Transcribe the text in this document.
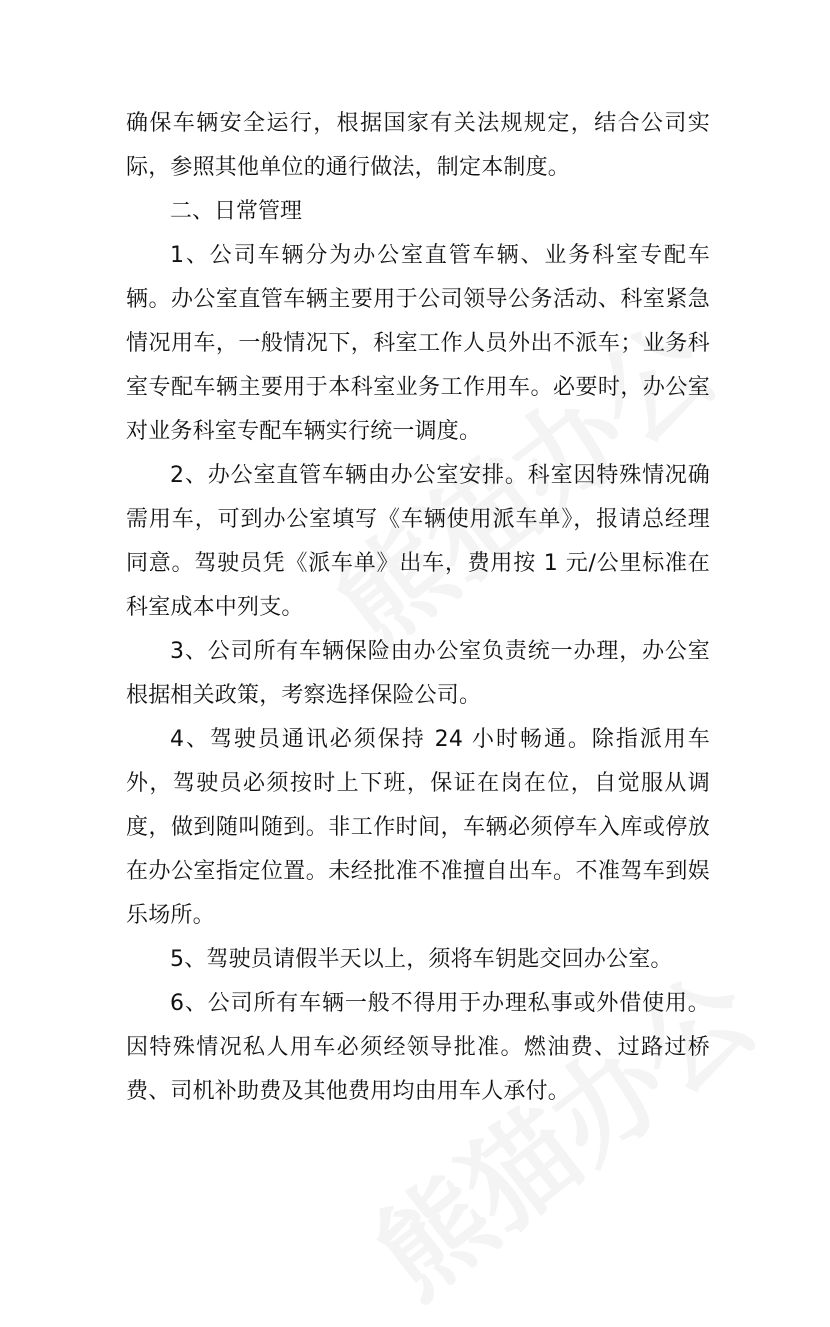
确保车辆安全运行，根据国家有关法规规定，结合公司实际，参照其他单位的通行做法，制定本制度。

二、日常管理

1、公司车辆分为办公室直管车辆、业务科室专配车辆。办公室直管车辆主要用于公司领导公务活动、科室紧急情况用车，一般情况下，科室工作人员外出不派车；业务科室专配车辆主要用于本科室业务工作用车。必要时，办公室对业务科室专配车辆实行统一调度。

2、办公室直管车辆由办公室安排。科室因特殊情况确需用车，可到办公室填写《车辆使用派车单》，报请总经理同意。驾驶员凭《派车单》出车，费用按 1 元/公里标准在科室成本中列支。

3、公司所有车辆保险由办公室负责统一办理，办公室根据相关政策，考察选择保险公司。

4、驾驶员通讯必须保持 24 小时畅通。除指派用车外，驾驶员必须按时上下班，保证在岗在位，自觉服从调度，做到随叫随到。非工作时间，车辆必须停车入库或停放在办公室指定位置。未经批准不准擅自出车。不准驾车到娱乐场所。

5、驾驶员请假半天以上，须将车钥匙交回办公室。

6、公司所有车辆一般不得用于办理私事或外借使用。因特殊情况私人用车必须经领导批准。燃油费、过路过桥费、司机补助费及其他费用均由用车人承付。
